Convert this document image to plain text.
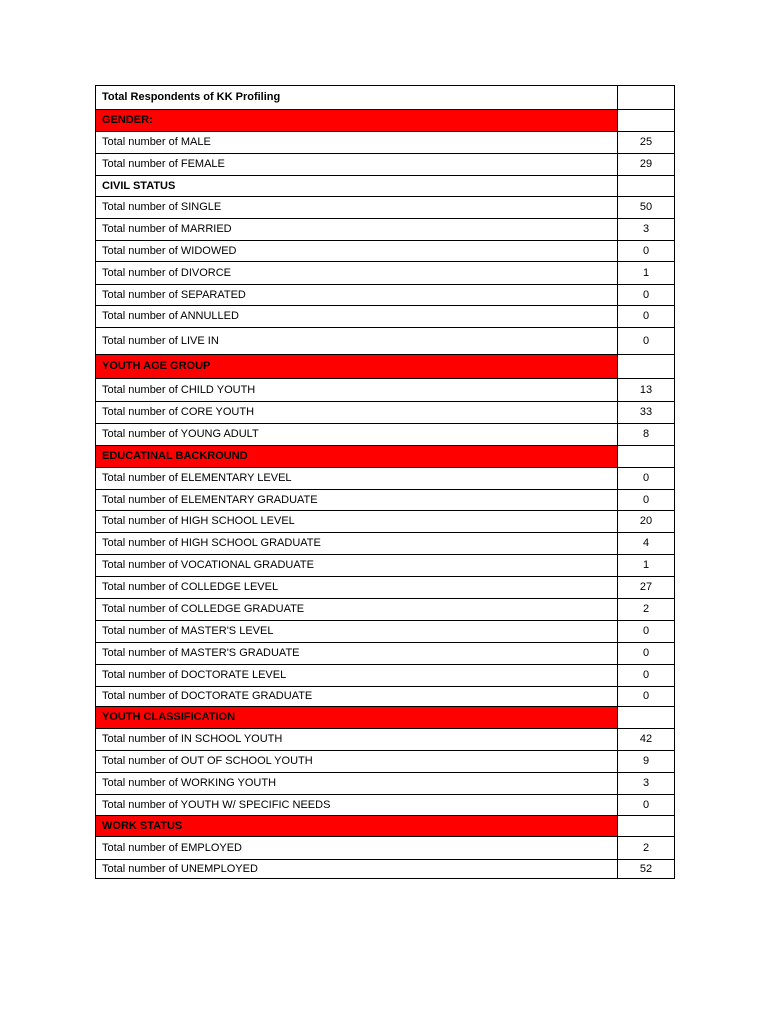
Total Respondents of KK Profiling	
GENDER:	
Total number of MALE	25
Total number of FEMALE	29
CIVIL STATUS	
Total number of SINGLE	50
Total number of MARRIED	3
Total number of WIDOWED	0
Total number of DIVORCE	1
Total number of SEPARATED	0
Total number of ANNULLED	0
Total number of LIVE IN	0
YOUTH AGE GROUP	
Total number of CHILD YOUTH	13
Total number of CORE YOUTH	33
Total number of YOUNG ADULT	8
EDUCATINAL BACKROUND	
Total number of ELEMENTARY LEVEL	0
Total number of ELEMENTARY GRADUATE	0
Total number of HIGH SCHOOL LEVEL	20
Total number of HIGH SCHOOL GRADUATE	4
Total number of VOCATIONAL GRADUATE	1
Total number of COLLEDGE LEVEL	27
Total number of COLLEDGE GRADUATE	2
Total number of MASTER'S LEVEL	0
Total number of MASTER'S GRADUATE	0
Total number of DOCTORATE LEVEL	0
Total number of DOCTORATE GRADUATE	0
YOUTH CLASSIFICATION	
Total number of IN SCHOOL YOUTH	42
Total number of OUT OF SCHOOL YOUTH	9
Total number of WORKING YOUTH	3
Total number of YOUTH W/ SPECIFIC NEEDS	0
WORK STATUS	
Total number of EMPLOYED	2
Total number of UNEMPLOYED	52
